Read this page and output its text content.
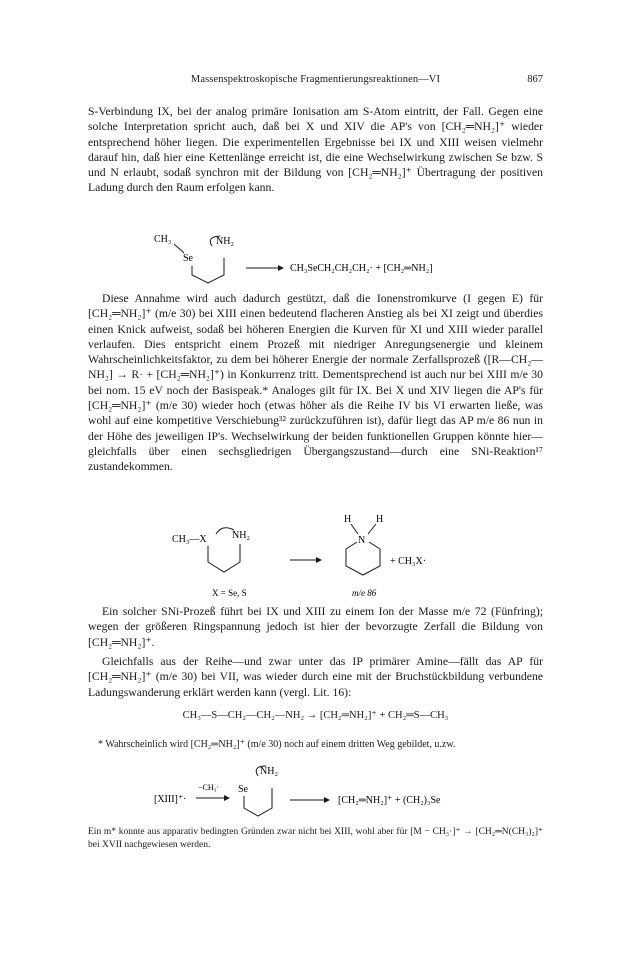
Massenspektroskopische Fragmentierungsreaktionen—VI	867

S-Verbindung IX, bei der analog primäre Ionisation am S-Atom eintritt, der Fall. Gegen eine solche Interpretation spricht auch, daß bei X und XIV die AP's von [CH₂═NH₂]⁺ wieder entsprechend höher liegen. Die experimentellen Ergebnisse bei IX und XIII weisen vielmehr darauf hin, daß hier eine Kettenlänge erreicht ist, die eine Wechselwirkung zwischen Se bzw. S und N erlaubt, sodaß synchron mit der Bildung von [CH₂═NH₂]⁺ Übertragung der positiven Ladung durch den Raum erfolgen kann.

CH₃
Se
NH₂
CH₃SeCH₂CH₂CH₂· + [CH₂═NH₂]

Diese Annahme wird auch dadurch gestützt, daß die Ionenstromkurve (I gegen E) für [CH₂═NH₂]⁺ (m/e 30) bei XIII einen bedeutend flacheren Anstieg als bei XI zeigt und überdies einen Knick aufweist, sodaß bei höheren Energien die Kurven für XI und XIII wieder parallel verlaufen. Dies entspricht einem Prozeß mit niedriger Anregungsenergie und kleinem Wahrscheinlichkeitsfaktor, zu dem bei höherer Energie der normale Zerfallsprozeß ([R—CH₂—NH₂] → R· + [CH₂═NH₂]⁺) in Konkurrenz tritt. Dementsprechend ist auch nur bei XIII m/e 30 bei nom. 15 eV noch der Basispeak.* Analoges gilt für IX. Bei X und XIV liegen die AP's für [CH₂═NH₂]⁺ (m/e 30) wieder hoch (etwas höher als die Reihe IV bis VI erwarten ließe, was wohl auf eine kompetitive Verschiebung³² zurückzuführen ist), dafür liegt das AP m/e 86 nun in der Höhe des jeweiligen IP's. Wechselwirkung der beiden funktionellen Gruppen könnte hier—gleichfalls über einen sechsgliedrigen Übergangszustand—durch eine SNi-Reaktion¹⁷ zustandekommen.

CH₃—X	NH₂
H H
N
+ CH₃X·
X = Se, S	m/e 86

Ein solcher SNi-Prozeß führt bei IX und XIII zu einem Ion der Masse m/e 72 (Fünfring); wegen der größeren Ringspannung jedoch ist hier der bevorzugte Zerfall die Bildung von [CH₂═NH₂]⁺.

Gleichfalls aus der Reihe—und zwar unter das IP primärer Amine—fällt das AP für [CH₂═NH₂]⁺ (m/e 30) bei VII, was wieder durch eine mit der Bruchstückbildung verbundene Ladungswanderung erklärt werden kann (vergl. Lit. 16):

CH₃—S—CH₂—CH₂—NH₂ → [CH₂═NH₂]⁺ + CH₂═S—CH₃

* Wahrscheinlich wird [CH₂═NH₂]⁺ (m/e 30) noch auf einem dritten Weg gebildet, u.zw.

[XIII]⁺·
−CH₃· Se
NH₂
[CH₂═NH₂]⁺ + (CH₂)₃Se

Ein m* konnte aus apparativ bedingten Gründen zwar nicht bei XIII, wohl aber für [M − CH₃·]⁺ → [CH₂═N(CH₃)₂]⁺ bei XVII nachgewiesen werden.
